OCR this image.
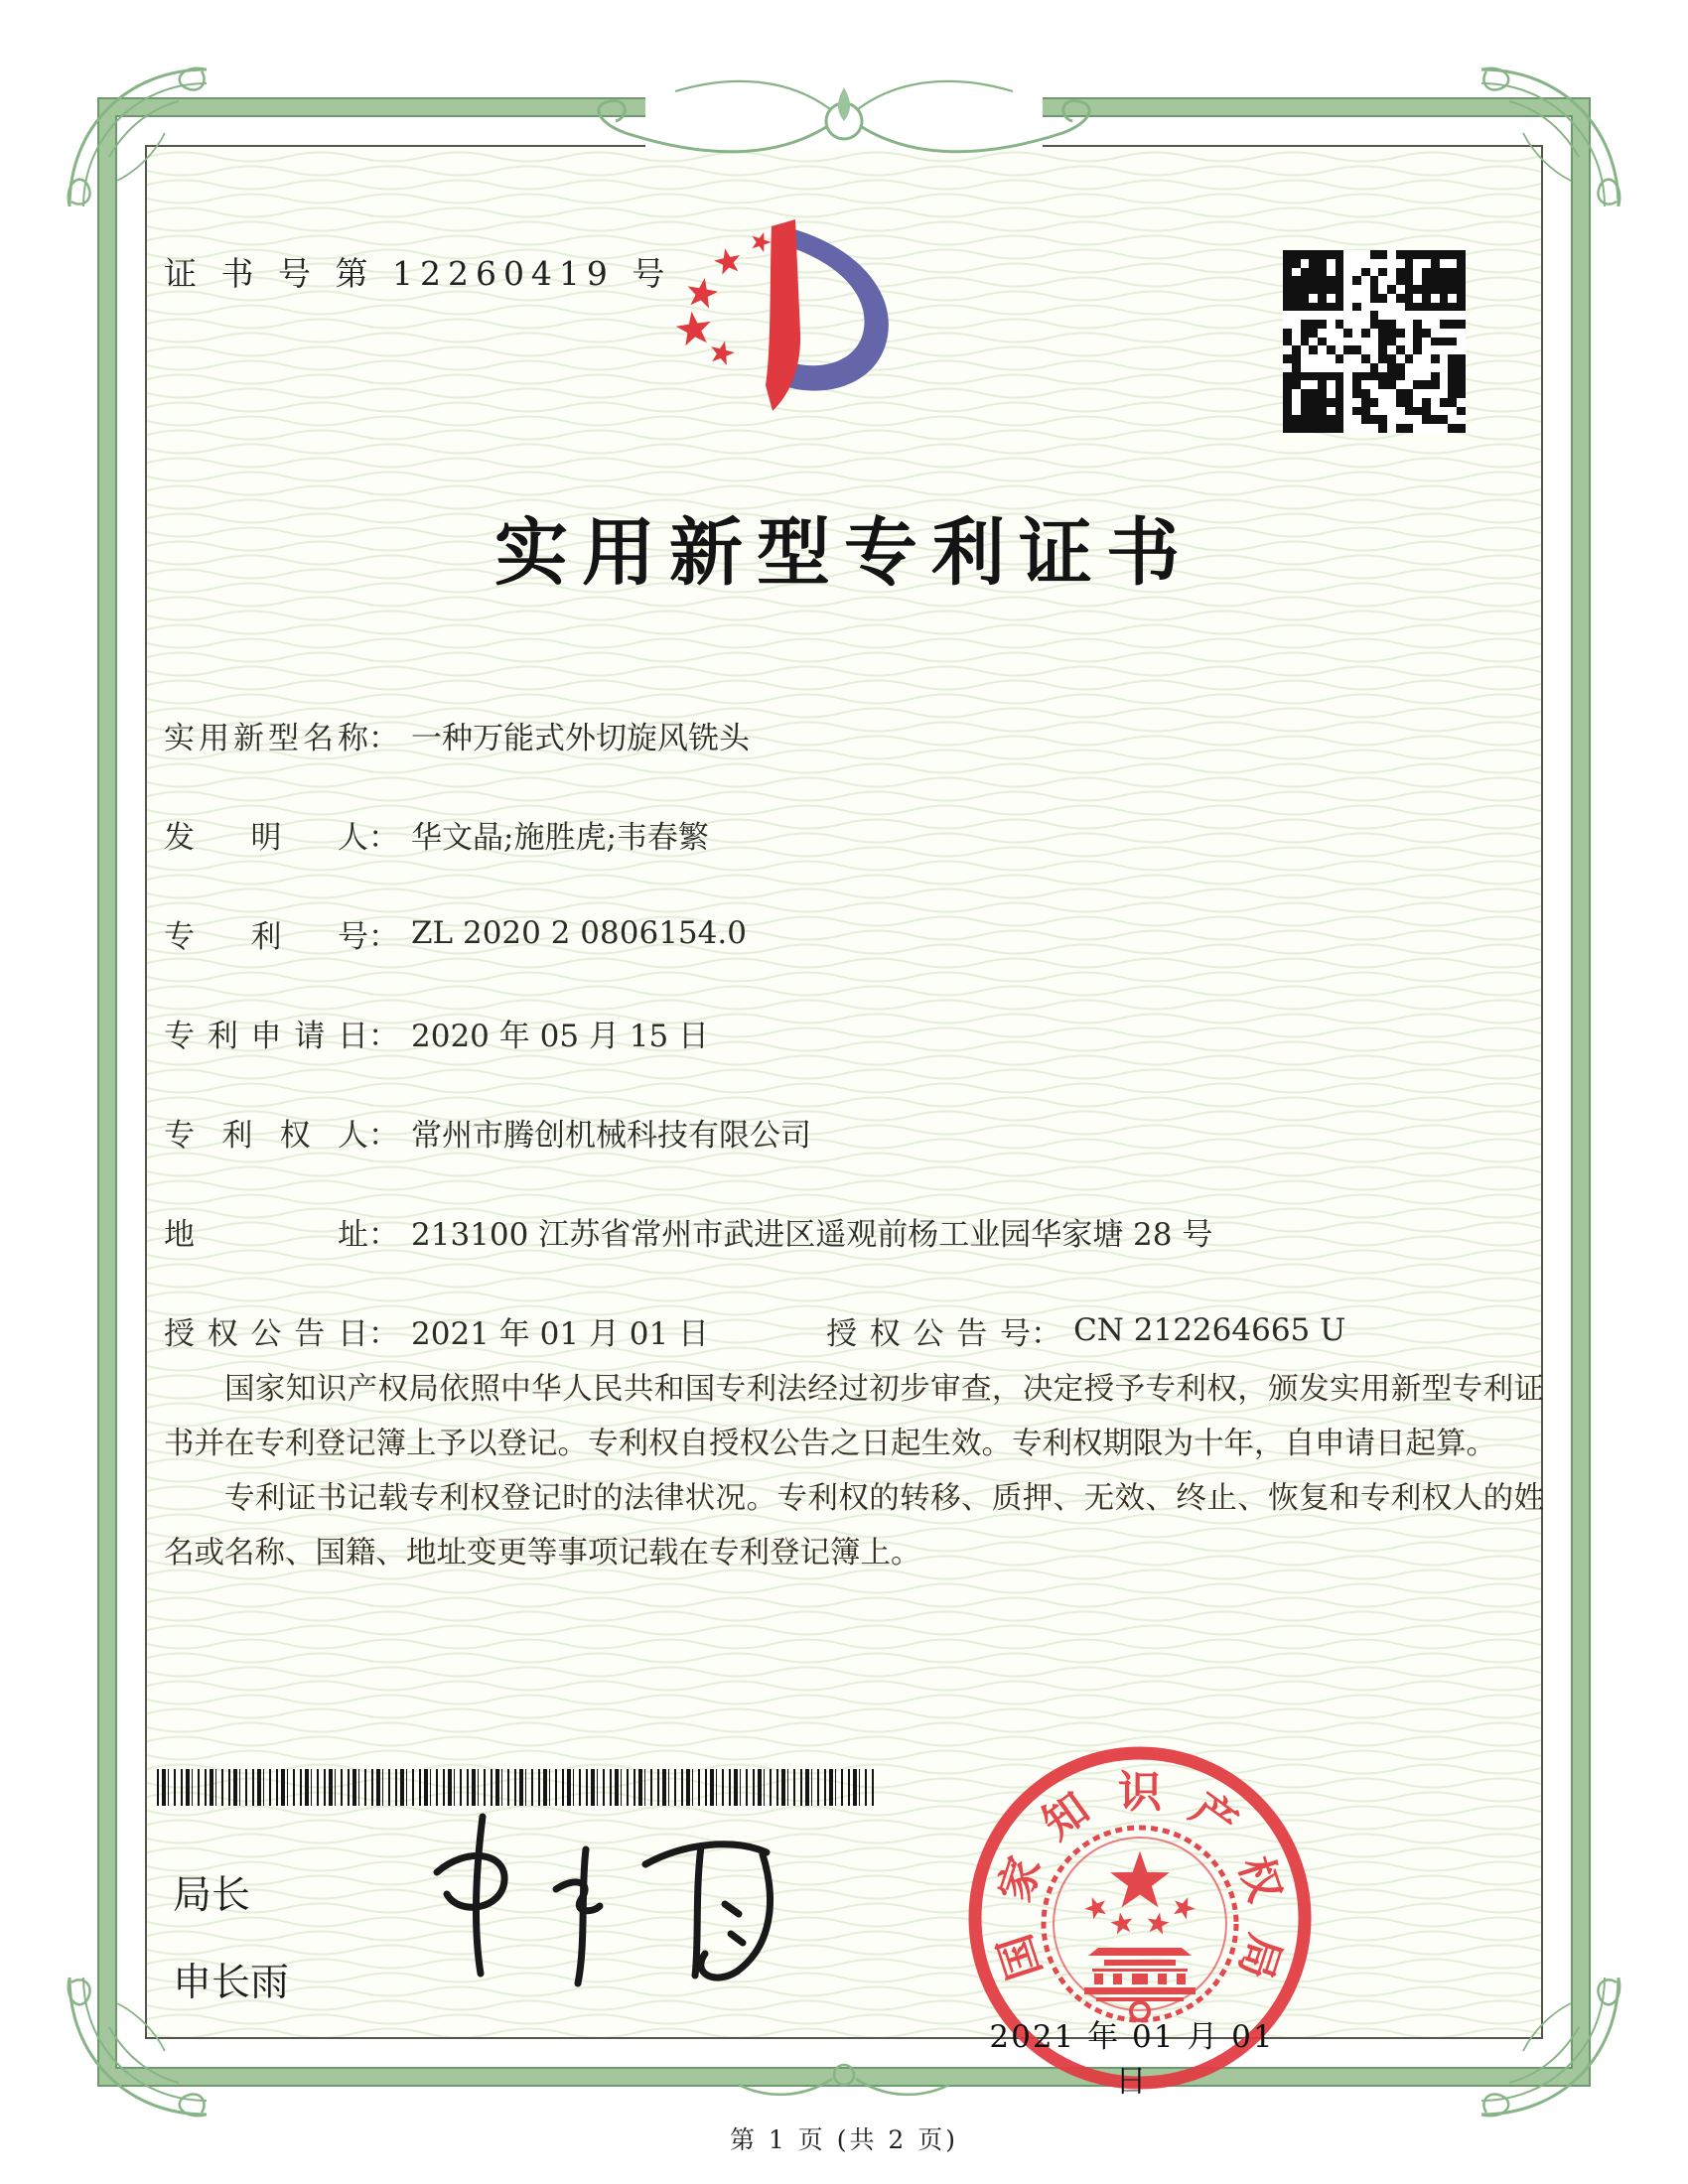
证 书 号 第 12260419 号
实用新型专利证书
实用新型名称 ： 一种万能式外切旋风铣头
发明人 ： 华文晶;施胜虎;韦春繁
专利号 ： ZL 2020 2 0806154.0
专利申请日 ： 2020 年 05 月 15 日
专利权人 ： 常州市腾创机械科技有限公司
地址 ： 213100 江苏省常州市武进区遥观前杨工业园华家塘 28 号
授权公告日 ： 2021 年 01 月 01 日	授权公告号 ： CN 212264665 U

国家知识产权局依照中华人民共和国专利法经过初步审查，决定授予专利权，颁发实用新型专利证书并在专利登记簿上予以登记。专利权自授权公告之日起生效。专利权期限为十年，自申请日起算。

专利证书记载专利权登记时的法律状况。专利权的转移、质押、无效、终止、恢复和专利权人的姓名或名称、国籍、地址变更等事项记载在专利登记簿上。

局长
申长雨	国
家
知 识 产
权
局
2021 年 01 月 01 日
第 1 页 (共 2 页)
